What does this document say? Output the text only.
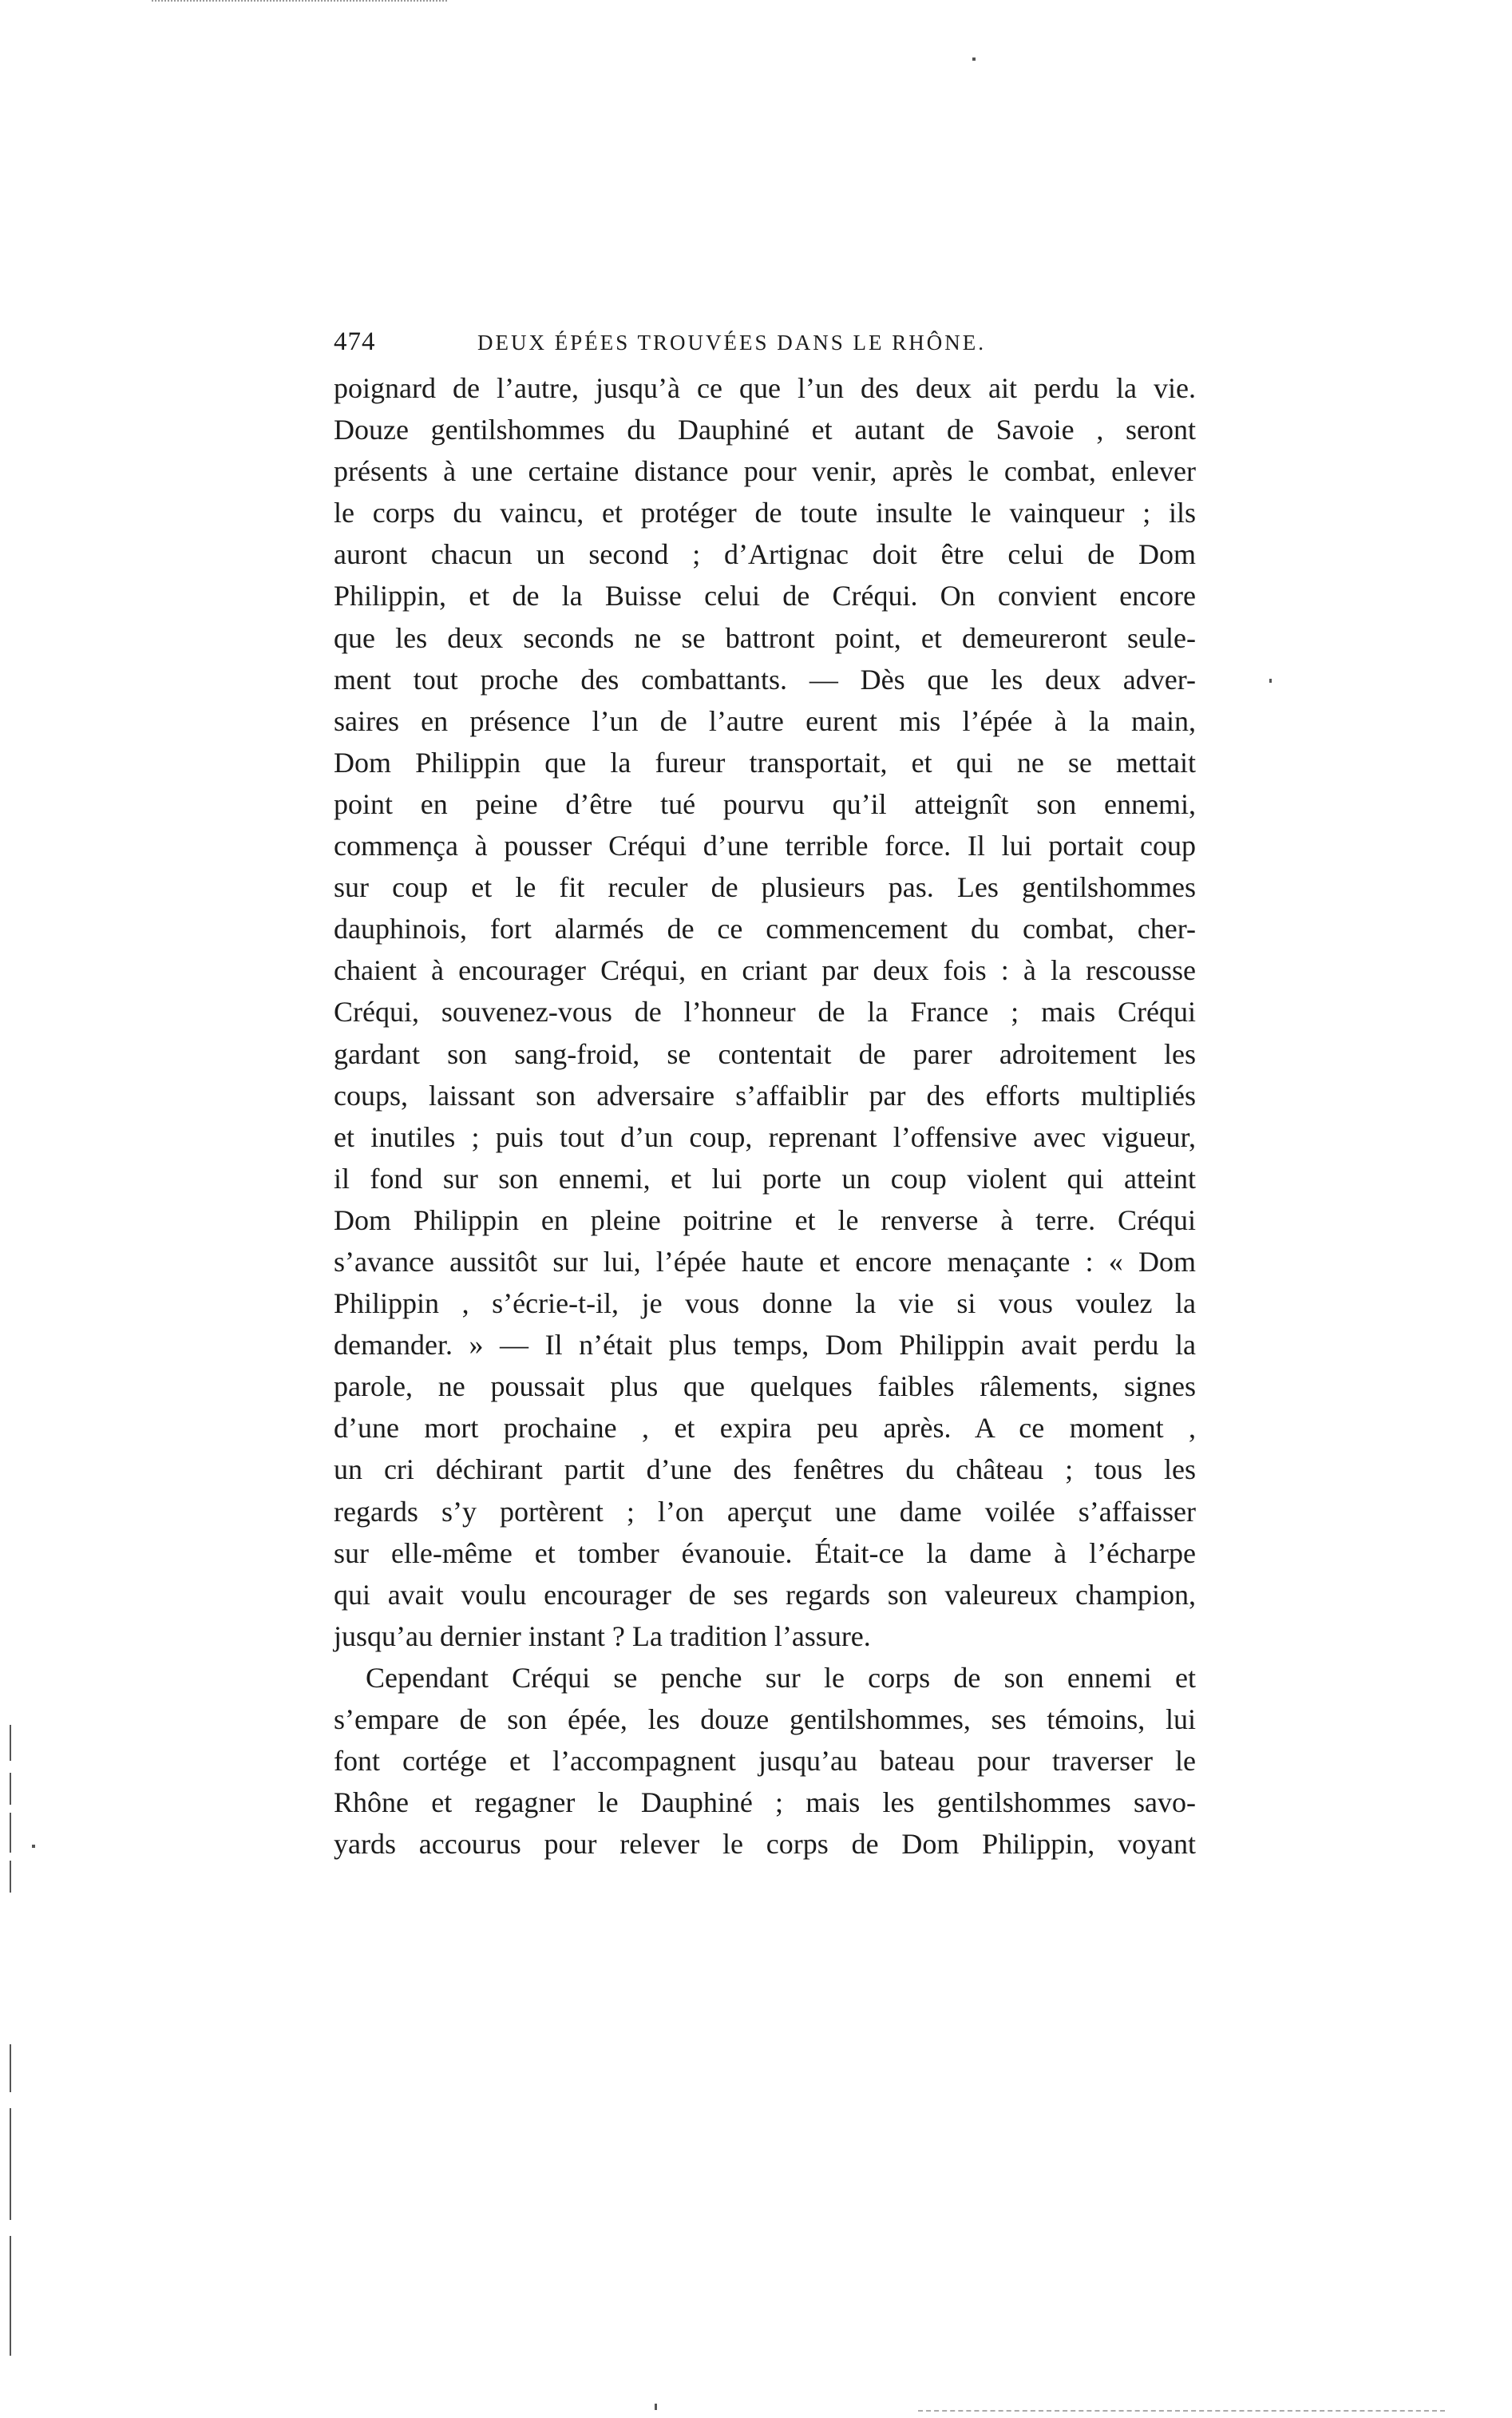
474	DEUX ÉPÉES TROUVÉES DANS LE RHÔNE.
poignard de l’autre, jusqu’à ce que l’un des deux ait perdu la vie.
Douze gentilshommes du Dauphiné et autant de Savoie , seront
présents à une certaine distance pour venir, après le combat, enlever
le corps du vaincu, et protéger de toute insulte le vainqueur ; ils
auront chacun un second ; d’Artignac doit être celui de Dom
Philippin, et de la Buisse celui de Créqui. On convient encore
que les deux seconds ne se battront point, et demeureront seule-
ment tout proche des combattants. — Dès que les deux adver-
saires en présence l’un de l’autre eurent mis l’épée à la main,
Dom Philippin que la fureur transportait, et qui ne se mettait
point en peine d’être tué pourvu qu’il atteignît son ennemi,
commença à pousser Créqui d’une terrible force. Il lui portait coup
sur coup et le fit reculer de plusieurs pas. Les gentilshommes
dauphinois, fort alarmés de ce commencement du combat, cher-
chaient à encourager Créqui, en criant par deux fois : à la rescousse
Créqui, souvenez-vous de l’honneur de la France ; mais Créqui
gardant son sang-froid, se contentait de parer adroitement les
coups, laissant son adversaire s’affaiblir par des efforts multipliés
et inutiles ; puis tout d’un coup, reprenant l’offensive avec vigueur,
il fond sur son ennemi, et lui porte un coup violent qui atteint
Dom Philippin en pleine poitrine et le renverse à terre. Créqui
s’avance aussitôt sur lui, l’épée haute et encore menaçante : « Dom
Philippin , s’écrie-t-il, je vous donne la vie si vous voulez la
demander. » — Il n’était plus temps, Dom Philippin avait perdu la
parole, ne poussait plus que quelques faibles râlements, signes
d’une mort prochaine , et expira peu après. A ce moment ,
un cri déchirant partit d’une des fenêtres du château ; tous les
regards s’y portèrent ; l’on aperçut une dame voilée s’affaisser
sur elle-même et tomber évanouie. Était-ce la dame à l’écharpe
qui avait voulu encourager de ses regards son valeureux champion,
jusqu’au dernier instant ? La tradition l’assure.
Cependant Créqui se penche sur le corps de son ennemi et
s’empare de son épée, les douze gentilshommes, ses témoins, lui
font cortége et l’accompagnent jusqu’au bateau pour traverser le
Rhône et regagner le Dauphiné ; mais les gentilshommes savo-
yards accourus pour relever le corps de Dom Philippin, voyant
